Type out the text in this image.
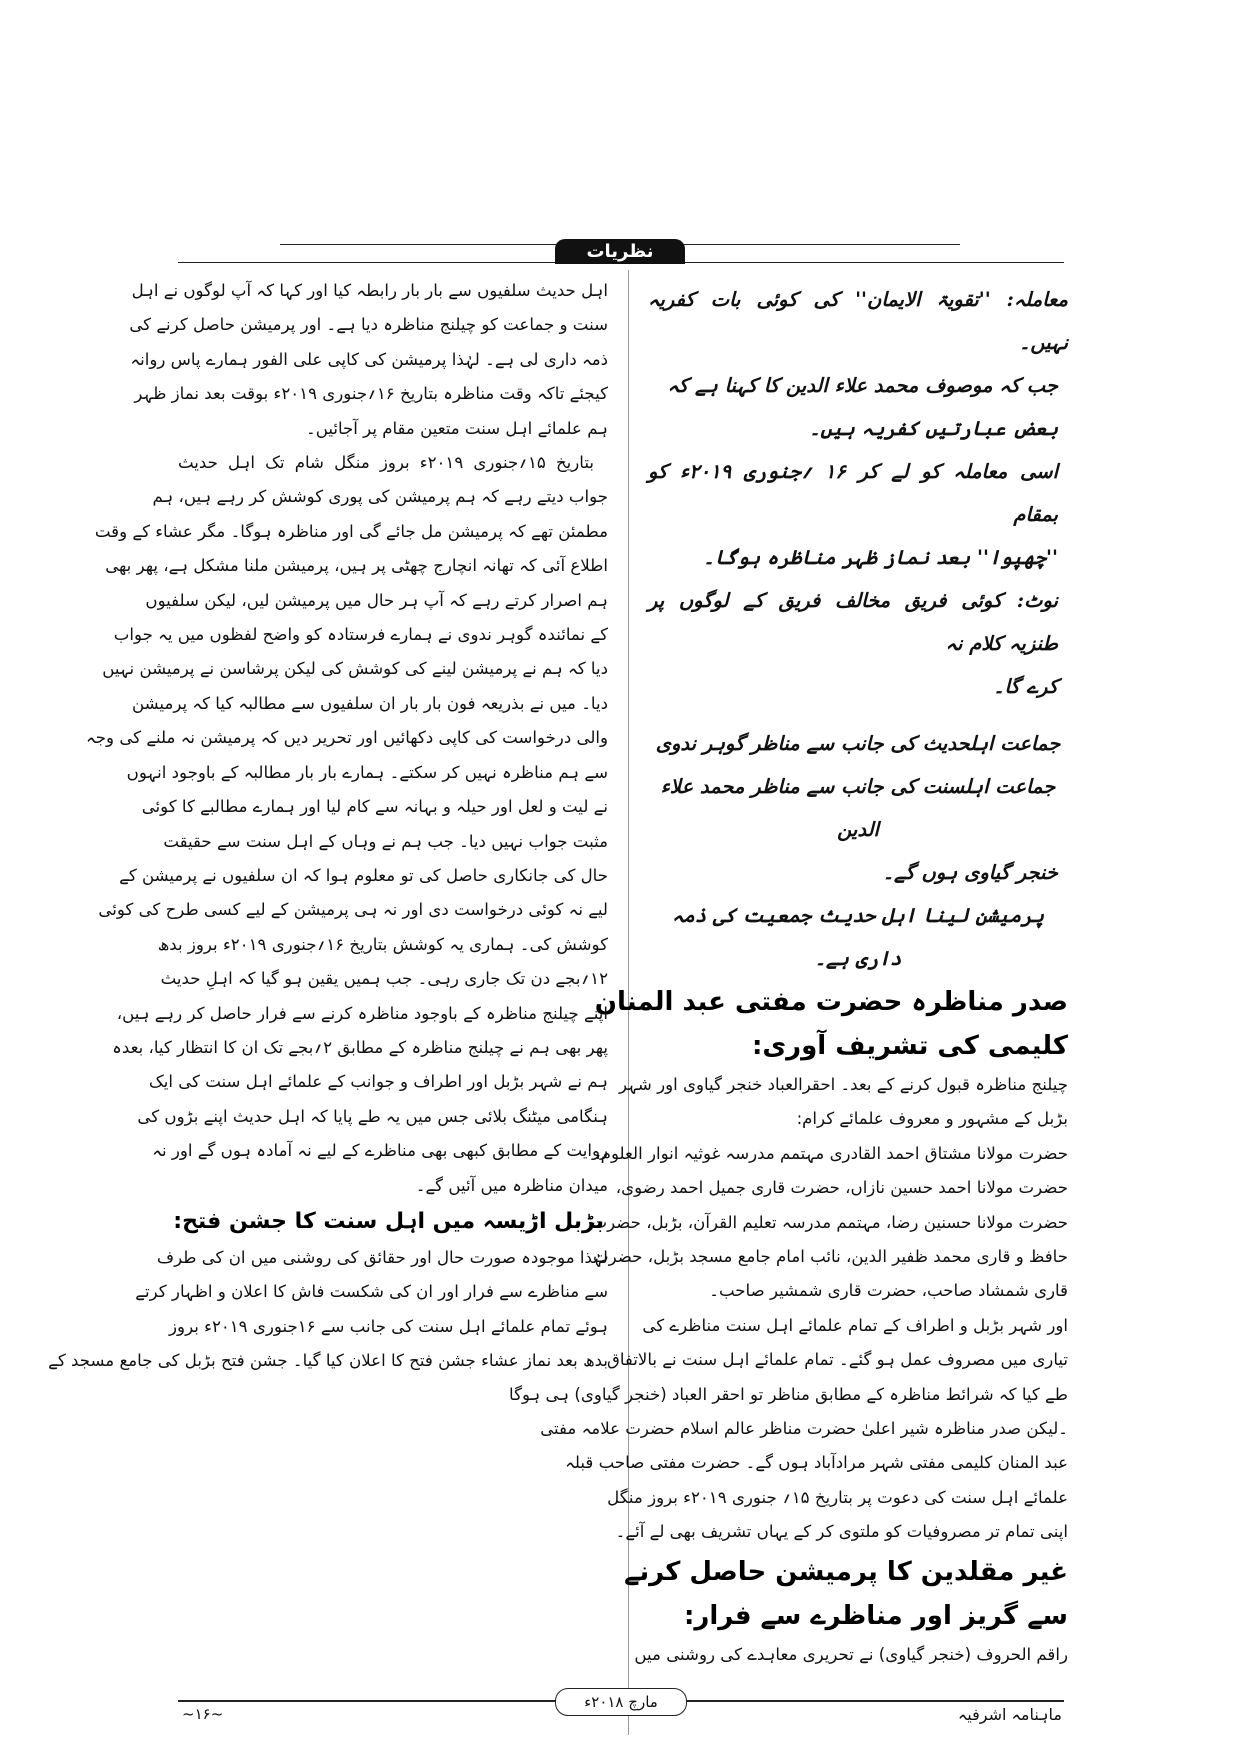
نظریات

معاملہ: ''تقویۃ الایمان'' کی کوئی بات کفریہ نہیں۔

جب کہ موصوف محمد علاء الدین کا کہنا ہے کہ

بعض عبارتیں کفریہ ہیں۔

اسی معاملہ کو لے کر ۱۶ ؍جنوری ۲۰۱۹ء کو بمقام

''چھپوا'' بعد نماز ظہر مناظرہ ہوگا۔

نوٹ: کوئی فریق مخالف فریق کے لوگوں پر طنزیہ کلام نہ

کرے گا۔

جماعت اہلحدیث کی جانب سے مناظر گوہر ندوی

جماعت اہلسنت کی جانب سے مناظر محمد علاء الدین

خنجر گیاوی ہوں گے۔

پرمیشن لینا اہل حدیث جمعیت کی ذمہ داری ہے۔

صدر مناظرہ حضرت مفتی عبد المنان

کلیمی کی تشریف آوری:

چیلنج مناظرہ قبول کرنے کے بعد۔ احقرالعباد خنجر گیاوی اور شہر
بڑبل کے مشہور و معروف علمائے کرام:
حضرت مولانا مشتاق احمد القادری مہتمم مدرسہ غوثیہ انوار العلوم،
حضرت مولانا احمد حسین نازاں، حضرت قاری جمیل احمد رضوی،
حضرت مولانا حسنین رضا، مہتمم مدرسہ تعلیم القرآن، بڑبل، حضرت
حافظ و قاری محمد ظفیر الدین، نائب امام جامع مسجد بڑبل، حضرت
قاری شمشاد صاحب، حضرت قاری شمشیر صاحب۔
اور شہر بڑبل و اطراف کے تمام علمائے اہل سنت مناظرے کی
تیاری میں مصروف عمل ہو گئے۔ تمام علمائے اہل سنت نے بالاتفاق
طے کیا کہ شرائط مناظرہ کے مطابق مناظر تو احقر العباد (خنجر گیاوی) ہی ہوگا
۔لیکن صدر مناظرہ شیر اعلیٰ حضرت مناظر عالم اسلام حضرت علامہ مفتی
عبد المنان کلیمی مفتی شہر مرادآباد ہوں گے۔ حضرت مفتی صاحب قبلہ
علمائے اہل سنت کی دعوت پر بتاریخ ۱۵؍ جنوری ۲۰۱۹ء بروز منگل
اپنی تمام تر مصروفیات کو ملتوی کر کے یہاں تشریف بھی لے آئے۔

غیر مقلدین کا پرمیشن حاصل کرنے

سے گریز اور مناظرے سے فرار:

راقم الحروف (خنجر گیاوی) نے تحریری معاہدے کی روشنی میں
اہل حدیث سلفیوں سے بار بار رابطہ کیا اور کہا کہ آپ لوگوں نے اہل
سنت و جماعت کو چیلنج مناظرہ دیا ہے۔ اور پرمیشن حاصل کرنے کی
ذمہ داری لی ہے۔ لہٰذا پرمیشن کی کاپی علی الفور ہمارے پاس روانہ
کیجئے تاکہ وقت مناظرہ بتاریخ ۱۶؍جنوری ۲۰۱۹ء بوقت بعد نماز ظہر
ہم علمائے اہل سنت متعین مقام پر آجائیں۔
بتاریخ ۱۵؍جنوری ۲۰۱۹ء بروز منگل شام تک اہل حدیث
جواب دیتے رہے کہ ہم پرمیشن کی پوری کوشش کر رہے ہیں، ہم
مطمئن تھے کہ پرمیشن مل جائے گی اور مناظرہ ہوگا۔ مگر عشاء کے وقت
اطلاع آئی کہ تھانہ انچارج چھٹی پر ہیں، پرمیشن ملنا مشکل ہے، پھر بھی
ہم اصرار کرتے رہے کہ آپ ہر حال میں پرمیشن لیں، لیکن سلفیوں
کے نمائندہ گوہر ندوی نے ہمارے فرستادہ کو واضح لفظوں میں یہ جواب
دیا کہ ہم نے پرمیشن لینے کی کوشش کی لیکن پرشاسن نے پرمیشن نہیں
دیا۔ میں نے بذریعہ فون بار بار ان سلفیوں سے مطالبہ کیا کہ پرمیشن
والی درخواست کی کاپی دکھائیں اور تحریر دیں کہ پرمیشن نہ ملنے کی وجہ
سے ہم مناظرہ نہیں کر سکتے۔ ہمارے بار بار مطالبہ کے باوجود انہوں
نے لیت و لعل اور حیلہ و بہانہ سے کام لیا اور ہمارے مطالبے کا کوئی
مثبت جواب نہیں دیا۔ جب ہم نے وہاں کے اہل سنت سے حقیقت
حال کی جانکاری حاصل کی تو معلوم ہوا کہ ان سلفیوں نے پرمیشن کے
لیے نہ کوئی درخواست دی اور نہ ہی پرمیشن کے لیے کسی طرح کی کوئی
کوشش کی۔ ہماری یہ کوشش بتاریخ ۱۶؍جنوری ۲۰۱۹ء بروز بدھ
۱۲؍بجے دن تک جاری رہی۔ جب ہمیں یقین ہو گیا کہ اہلِ حدیث
اپنے چیلنج مناظرہ کے باوجود مناظرہ کرنے سے فرار حاصل کر رہے ہیں،
پھر بھی ہم نے چیلنج مناظرہ کے مطابق ۲؍بجے تک ان کا انتظار کیا، بعدہ
ہم نے شہر بڑبل اور اطراف و جوانب کے علمائے اہل سنت کی ایک
ہنگامی میٹنگ بلائی جس میں یہ طے پایا کہ اہل حدیث اپنے بڑوں کی
روایت کے مطابق کبھی بھی مناظرے کے لیے نہ آمادہ ہوں گے اور نہ
میدان مناظرہ میں آئیں گے۔

بڑبل اڑیسہ میں اہل سنت کا جشن فتح:

لہٰذا موجودہ صورت حال اور حقائق کی روشنی میں ان کی طرف
سے مناظرے سے فرار اور ان کی شکست فاش کا اعلان و اظہار کرتے
ہوئے تمام علمائے اہل سنت کی جانب سے ۱۶جنوری ۲۰۱۹ء بروز
بدھ بعد نماز عشاء جشن فتح کا اعلان کیا گیا۔ جشن فتح بڑبل کی جامع مسجد کے
مارچ ۲۰۱۸ء
ماہنامہ اشرفیہ
~۱۶~
